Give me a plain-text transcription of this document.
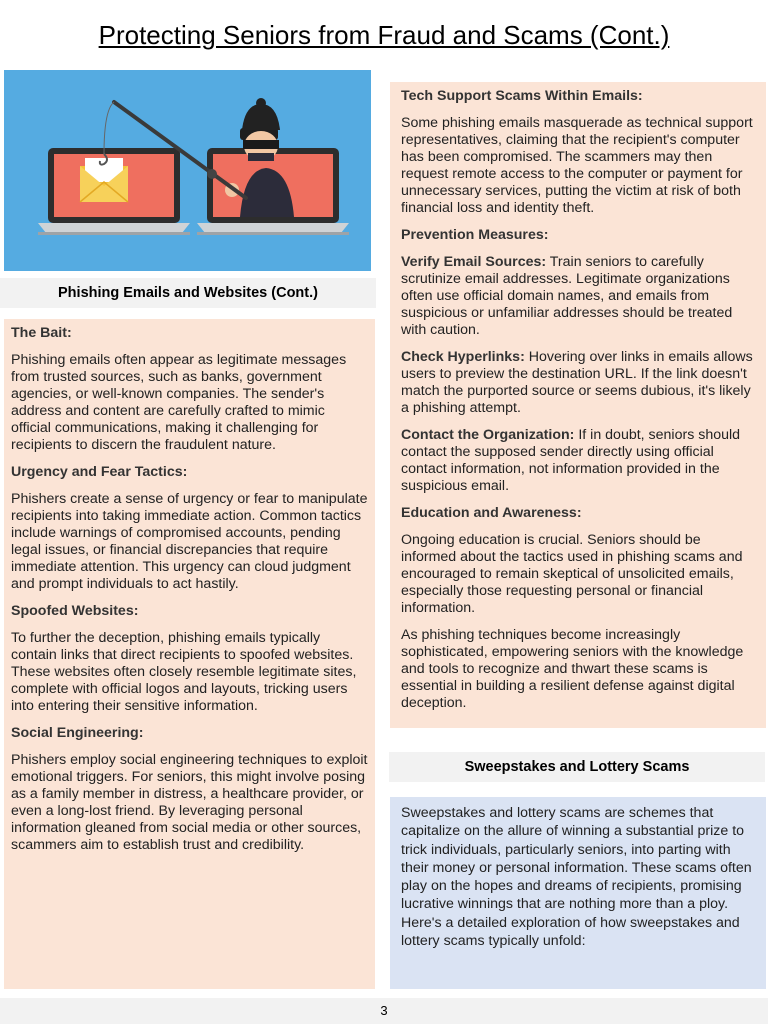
Protecting Seniors from Fraud and Scams (Cont.)
Phishing Emails and Websites (Cont.)

The Bait:

Phishing emails often appear as legitimate messages from trusted sources, such as banks, government agencies, or well-known companies. The sender's address and content are carefully crafted to mimic official communications, making it challenging for recipients to discern the fraudulent nature.

Urgency and Fear Tactics:

Phishers create a sense of urgency or fear to manipulate recipients into taking immediate action. Common tactics include warnings of compromised accounts, pending legal issues, or financial discrepancies that require immediate attention. This urgency can cloud judgment and prompt individuals to act hastily.

Spoofed Websites:

To further the deception, phishing emails typically contain links that direct recipients to spoofed websites. These websites often closely resemble legitimate sites, complete with official logos and layouts, tricking users into entering their sensitive information.

Social Engineering:

Phishers employ social engineering techniques to exploit emotional triggers. For seniors, this might involve posing as a family member in distress, a healthcare provider, or even a long-lost friend. By leveraging personal information gleaned from social media or other sources, scammers aim to establish trust and credibility.

Tech Support Scams Within Emails:

Some phishing emails masquerade as technical support representatives, claiming that the recipient's computer has been compromised. The scammers may then request remote access to the computer or payment for unnecessary services, putting the victim at risk of both financial loss and identity theft.

Prevention Measures:

Verify Email Sources: Train seniors to carefully scrutinize email addresses. Legitimate organizations often use official domain names, and emails from suspicious or unfamiliar addresses should be treated with caution.

Check Hyperlinks: Hovering over links in emails allows users to preview the destination URL. If the link doesn't match the purported source or seems dubious, it's likely a phishing attempt.

Contact the Organization: If in doubt, seniors should contact the supposed sender directly using official contact information, not information provided in the suspicious email.

Education and Awareness:

Ongoing education is crucial. Seniors should be informed about the tactics used in phishing scams and encouraged to remain skeptical of unsolicited emails, especially those requesting personal or financial information.

As phishing techniques become increasingly sophisticated, empowering seniors with the knowledge and tools to recognize and thwart these scams is essential in building a resilient defense against digital deception.

Sweepstakes and Lottery Scams

Sweepstakes and lottery scams are schemes that capitalize on the allure of winning a substantial prize to trick individuals, particularly seniors, into parting with their money or personal information. These scams often play on the hopes and dreams of recipients, promising lucrative winnings that are nothing more than a ploy. Here's a detailed exploration of how sweepstakes and lottery scams typically unfold:

3
